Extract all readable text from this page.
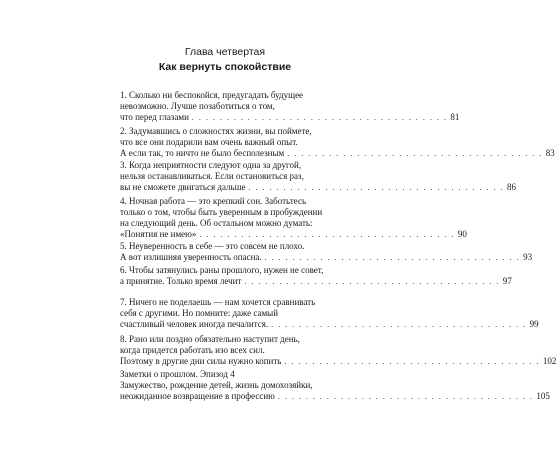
Глава четвертая
Как вернуть спокойствие
1. Сколько ни беспокойся, предугадать будущее
невозможно. Лучше позаботиться о том,
что перед глазами . . . . . . . . . . . . . . . . . . . . . . . . . . . . . . . . . . . . . 81
2. Задумавшись о сложностях жизни, вы поймете,
что все они подарили вам очень важный опыт.
А если так, то ничто не было бесполезным . . . . . . . . . . . . . . . . . . . . . . . . . . . . . . . . . . . . . 83
3. Когда неприятности следуют одна за другой,
нельзя останавливаться. Если остановиться раз,
вы не сможете двигаться дальше . . . . . . . . . . . . . . . . . . . . . . . . . . . . . . . . . . . . . 86
4. Ночная работа — это крепкий сон. Заботьтесь
только о том, чтобы быть уверенным в пробуждении
на следующий день. Об остальном можно думать:
«Понятия не имею» . . . . . . . . . . . . . . . . . . . . . . . . . . . . . . . . . . . . . 90
5. Неуверенность в себе — это совсем не плохо.
А вот излишняя уверенность опасна. . . . . . . . . . . . . . . . . . . . . . . . . . . . . . . . . . . . . . 93
6. Чтобы затянулись раны прошлого, нужен не совет,
а принятие. Только время лечит . . . . . . . . . . . . . . . . . . . . . . . . . . . . . . . . . . . . . 97
7. Ничего не поделаешь — нам хочется сравнивать
себя с другими. Но помните: даже самый
счастливый человек иногда печалится. . . . . . . . . . . . . . . . . . . . . . . . . . . . . . . . . . . . . . 99
8. Рано или поздно обязательно наступит день,
когда придется работать изо всех сил.
Поэтому в другие дни силы нужно копить . . . . . . . . . . . . . . . . . . . . . . . . . . . . . . . . . . . . . 102
Заметки о прошлом. Эпизод 4
Замужество, рождение детей, жизнь домохозяйки,
неожиданное возвращение в профессию . . . . . . . . . . . . . . . . . . . . . . . . . . . . . . . . . . . . . 105
